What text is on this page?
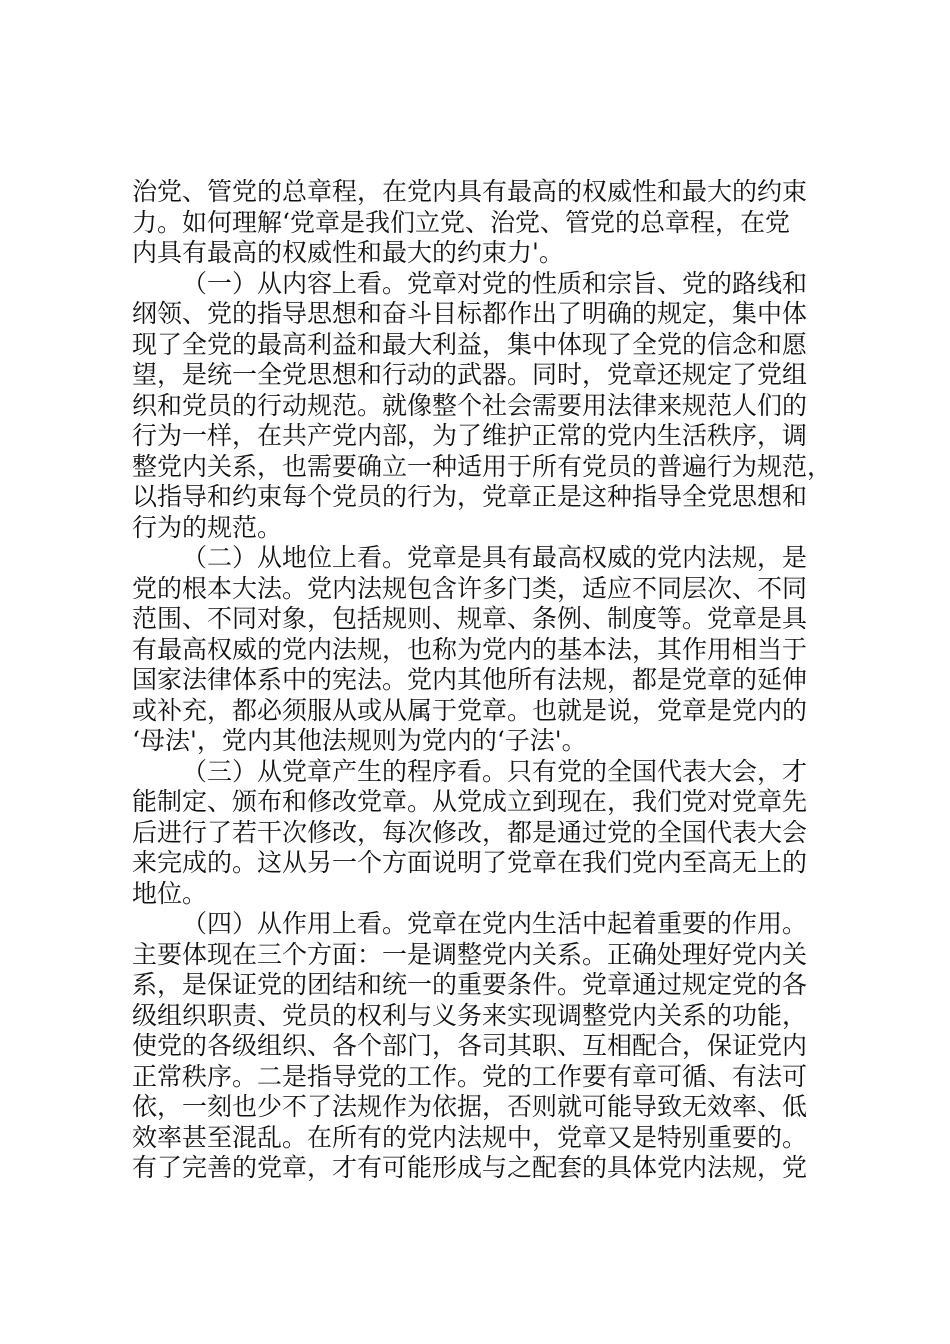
治党、管党的总章程，在党内具有最高的权威性和最大的约束
力。如何理解‘党章是我们立党、治党、管党的总章程，在党
内具有最高的权威性和最大的约束力'。
（一）从内容上看。党章对党的性质和宗旨、党的路线和
纲领、党的指导思想和奋斗目标都作出了明确的规定，集中体
现了全党的最高利益和最大利益，集中体现了全党的信念和愿
望，是统一全党思想和行动的武器。同时，党章还规定了党组
织和党员的行动规范。就像整个社会需要用法律来规范人们的
行为一样，在共产党内部，为了维护正常的党内生活秩序，调
整党内关系，也需要确立一种适用于所有党员的普遍行为规范，
以指导和约束每个党员的行为，党章正是这种指导全党思想和
行为的规范。
（二）从地位上看。党章是具有最高权威的党内法规，是
党的根本大法。党内法规包含许多门类，适应不同层次、不同
范围、不同对象，包括规则、规章、条例、制度等。党章是具
有最高权威的党内法规，也称为党内的基本法，其作用相当于
国家法律体系中的宪法。党内其他所有法规，都是党章的延伸
或补充，都必须服从或从属于党章。也就是说，党章是党内的
‘母法'，党内其他法规则为党内的‘子法'。
（三）从党章产生的程序看。只有党的全国代表大会，才
能制定、颁布和修改党章。从党成立到现在，我们党对党章先
后进行了若干次修改，每次修改，都是通过党的全国代表大会
来完成的。这从另一个方面说明了党章在我们党内至高无上的
地位。
（四）从作用上看。党章在党内生活中起着重要的作用。
主要体现在三个方面：一是调整党内关系。正确处理好党内关
系，是保证党的团结和统一的重要条件。党章通过规定党的各
级组织职责、党员的权利与义务来实现调整党内关系的功能，
使党的各级组织、各个部门，各司其职、互相配合，保证党内
正常秩序。二是指导党的工作。党的工作要有章可循、有法可
依，一刻也少不了法规作为依据，否则就可能导致无效率、低
效率甚至混乱。在所有的党内法规中，党章又是特别重要的。
有了完善的党章，才有可能形成与之配套的具体党内法规，党
